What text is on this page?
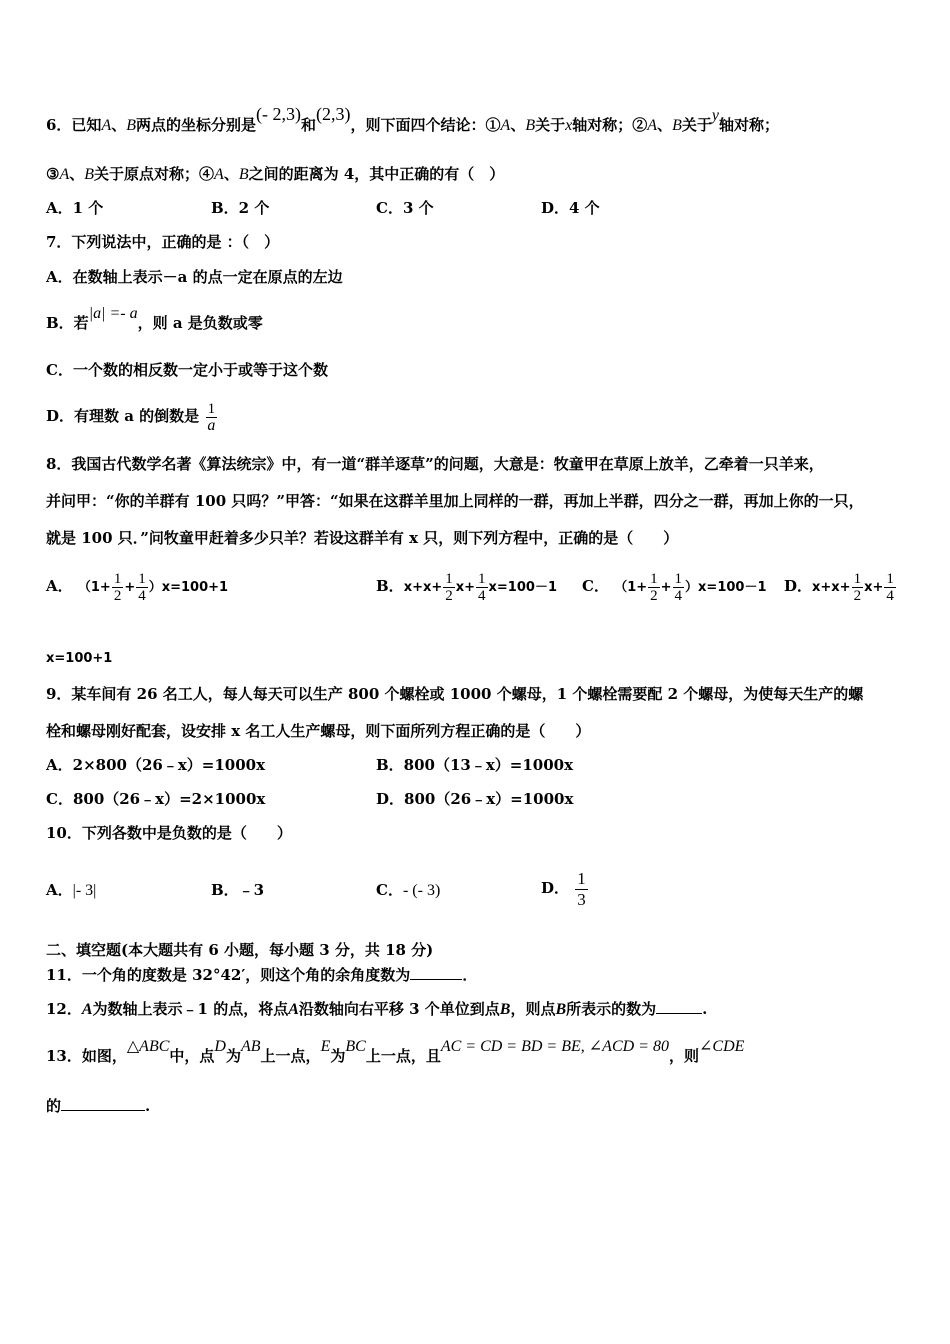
6．已知A、B两点的坐标分别是(- 2,3)和(2,3)，则下面四个结论：①A、B关于x轴对称；②A、B关于y轴对称；
③A、B关于原点对称；④A、B之间的距离为 4，其中正确的有（　）
A．1 个	B．2 个	C．3 个	D．4 个
7．下列说法中，正确的是 ：（　）
A．在数轴上表示－a 的点一定在原点的左边
B．若|a| =- a，则 a 是负数或零
C．一个数的相反数一定小于或等于这个数
D．有理数 a 的倒数是 $\frac{1}{a}$
8．我国古代数学名著《算法统宗》中，有一道“群羊逐草”的问题，大意是：牧童甲在草原上放羊，乙牵着一只羊来，
并问甲：“你的羊群有 100 只吗？”甲答：“如果在这群羊里加上同样的一群，再加上半群，四分之一群，再加上你的一只，
就是 100 只．”问牧童甲赶着多少只羊？若设这群羊有 x 只，则下列方程中，正确的是（　　）
A． $(1+ \frac{1}{2} + \frac{1}{4} )x=100+1$	B．$x+x+ \frac{1}{2} x+ \frac{1}{4} x=100-1$ C． $(1+ \frac{1}{2} + \frac{1}{4} )x=100-1$ D．$x+x+ \frac{1}{2} x+ \frac{1}{4}$
x=100+1
9．某车间有 26 名工人，每人每天可以生产 800 个螺栓或 1000 个螺母，1 个螺栓需要配 2 个螺母，为使每天生产的螺
栓和螺母刚好配套，设安排 x 名工人生产螺母，则下面所列方程正确的是（　　）
A．2×800（26﹣x）=1000x	B．800（13﹣x）=1000x
C．800（26﹣x）=2×1000x	D．800（26﹣x）=1000x
10．下列各数中是负数的是（　　）
A．|- 3|	B．﹣3	C．- (- 3)	D． $\frac{1}{3}$
二、填空题(本大题共有 6 小题，每小题 3 分，共 18 分)
11．一个角的度数是 32°42′，则这个角的余角度数为	．
12．A为数轴上表示﹣1 的点，将点A沿数轴向右平移 3 个单位到点B，则点B所表示的数为	.
13．如图，△ABC中，点D为AB上一点，E为BC上一点，且AC = CD = BD = BE, ∠ACD = 80，则∠CDE
的	.
